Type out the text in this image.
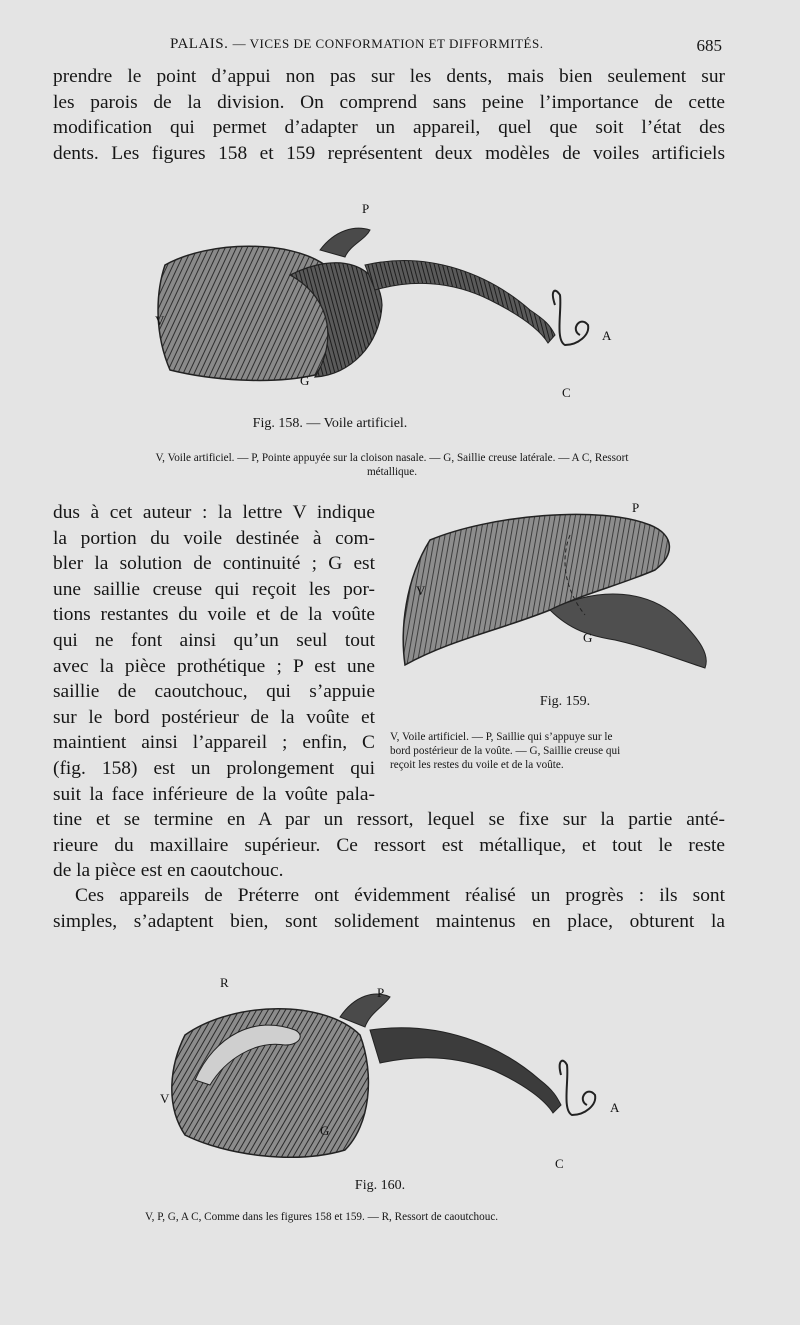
PALAIS. — VICES DE CONFORMATION ET DIFFORMITÉS.	685

prendre le point d’appui non pas sur les dents, mais bien seulement sur

les parois de la division. On comprend sans peine l’importance de cette

modification qui permet d’adapter un appareil, quel que soit l’état des

dents. Les figures 158 et 159 représentent deux modèles de voiles artificiels

P
V
G
A
C
Fig. 158. — Voile artificiel.

V, Voile artificiel. — P, Pointe appuyée sur la cloison nasale. — G, Saillie creuse latérale. — A C, Ressort

métallique.

dus à cet auteur : la lettre V indique

la portion du voile destinée à com-

bler la solution de continuité ; G est

une saillie creuse qui reçoit les por-

tions restantes du voile et de la voûte

qui ne font ainsi qu’un seul tout

avec la pièce prothétique ; P est une

saillie de caoutchouc, qui s’appuie

sur le bord postérieur de la voûte et

maintient ainsi l’appareil ; enfin, C

(fig. 158) est un prolongement qui

suit la face inférieure de la voûte pala-

P
V
G
Fig. 159.

V, Voile artificiel. — P, Saillie qui s’appuye sur le

bord postérieur de la voûte. — G, Saillie creuse qui

reçoit les restes du voile et de la voûte.

tine et se termine en A par un ressort, lequel se fixe sur la partie anté-

rieure du maxillaire supérieur. Ce ressort est métallique, et tout le reste

de la pièce est en caoutchouc.

Ces appareils de Préterre ont évidemment réalisé un progrès : ils sont

simples, s’adaptent bien, sont solidement maintenus en place, obturent la

R
P
V
G
A
C
Fig. 160.

V, P, G, A C, Comme dans les figures 158 et 159. — R, Ressort de caoutchouc.
